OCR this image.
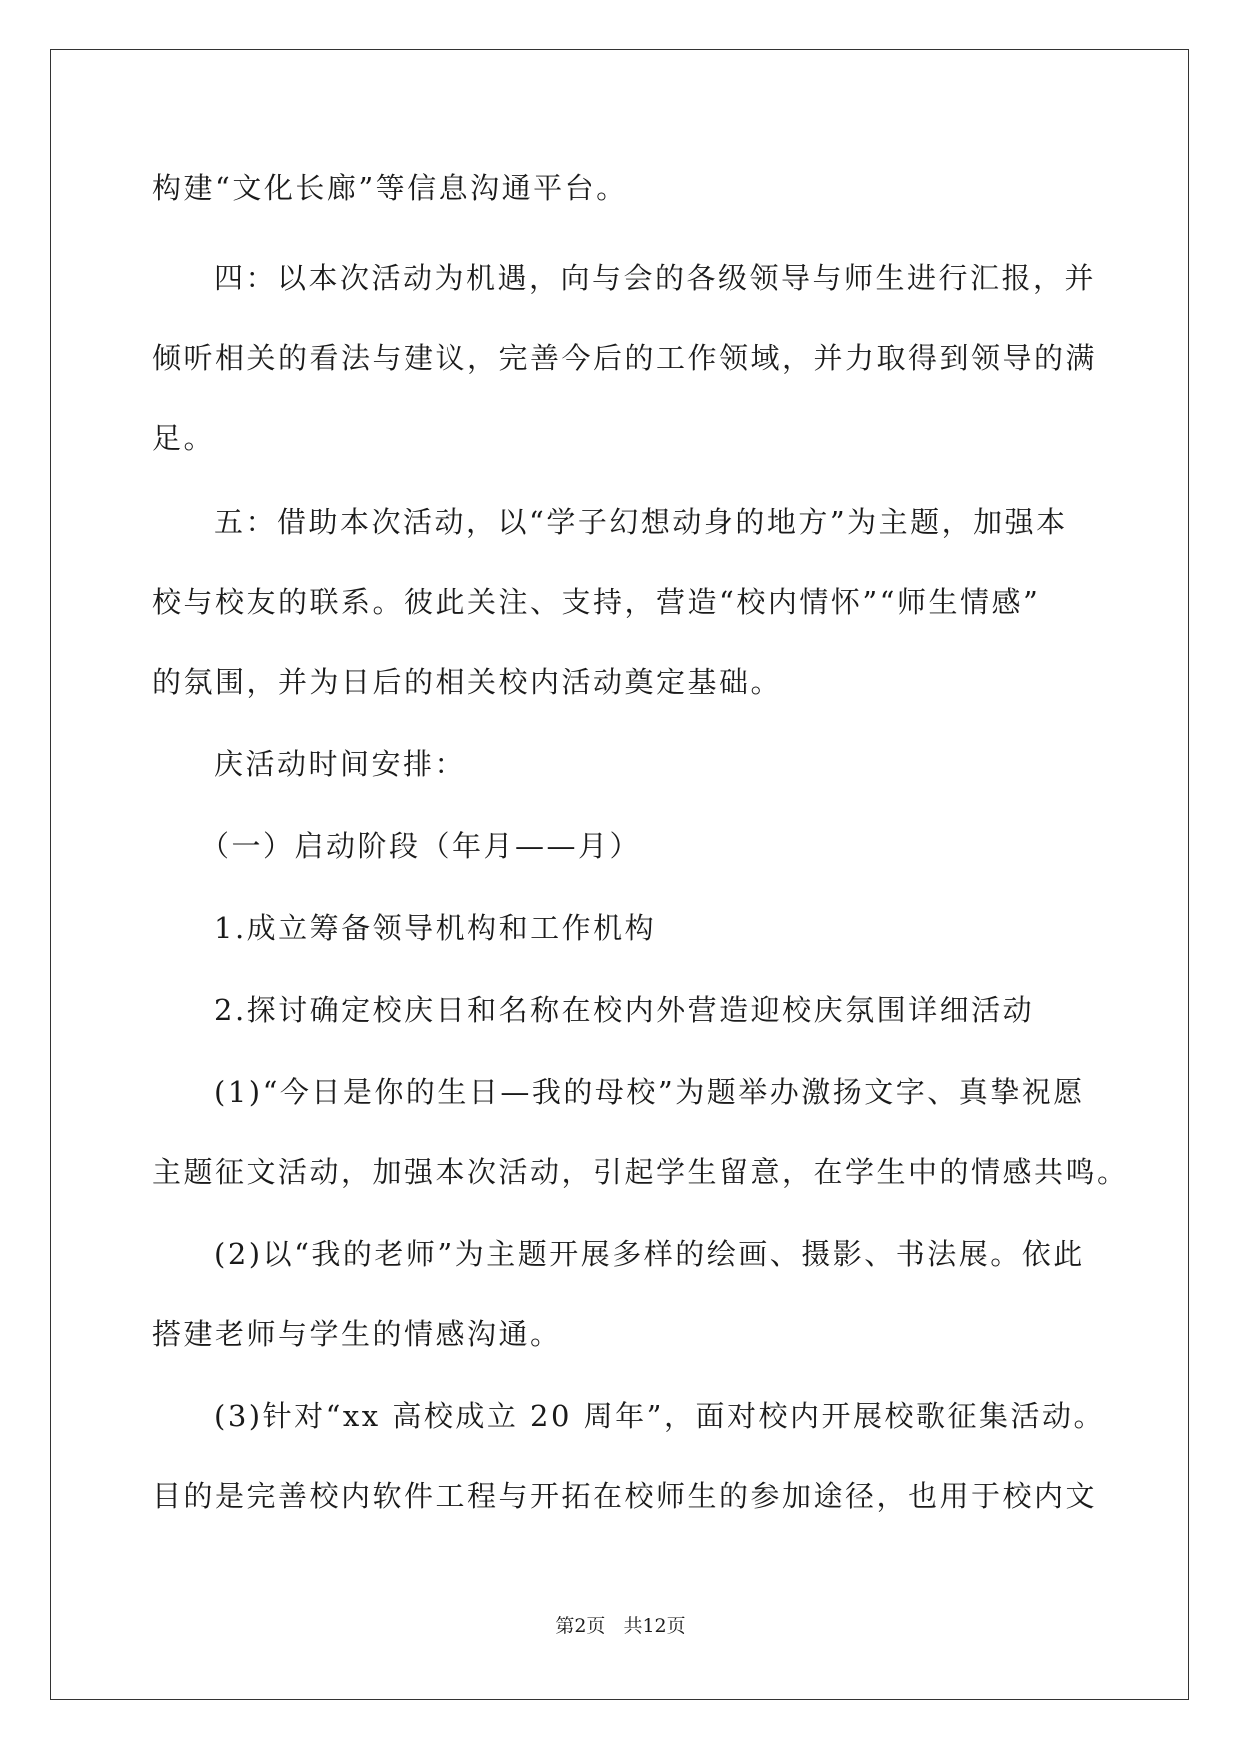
构建“文化长廊”等信息沟通平台。
四：以本次活动为机遇，向与会的各级领导与师生进行汇报，并
倾听相关的看法与建议，完善今后的工作领域，并力取得到领导的满
足。
五：借助本次活动，以“学子幻想动身的地方”为主题，加强本
校与校友的联系。彼此关注、支持，营造“校内情怀”“师生情感”
的氛围，并为日后的相关校内活动奠定基础。
庆活动时间安排：
（一）启动阶段（年月——月）
1.成立筹备领导机构和工作机构
2.探讨确定校庆日和名称在校内外营造迎校庆氛围详细活动
(1)“今日是你的生日—我的母校”为题举办激扬文字、真挚祝愿
主题征文活动，加强本次活动，引起学生留意，在学生中的情感共鸣。
(2)以“我的老师”为主题开展多样的绘画、摄影、书法展。依此
搭建老师与学生的情感沟通。
(3)针对“xx 高校成立 20 周年”，面对校内开展校歌征集活动。
目的是完善校内软件工程与开拓在校师生的参加途径，也用于校内文
第2页 共12页
